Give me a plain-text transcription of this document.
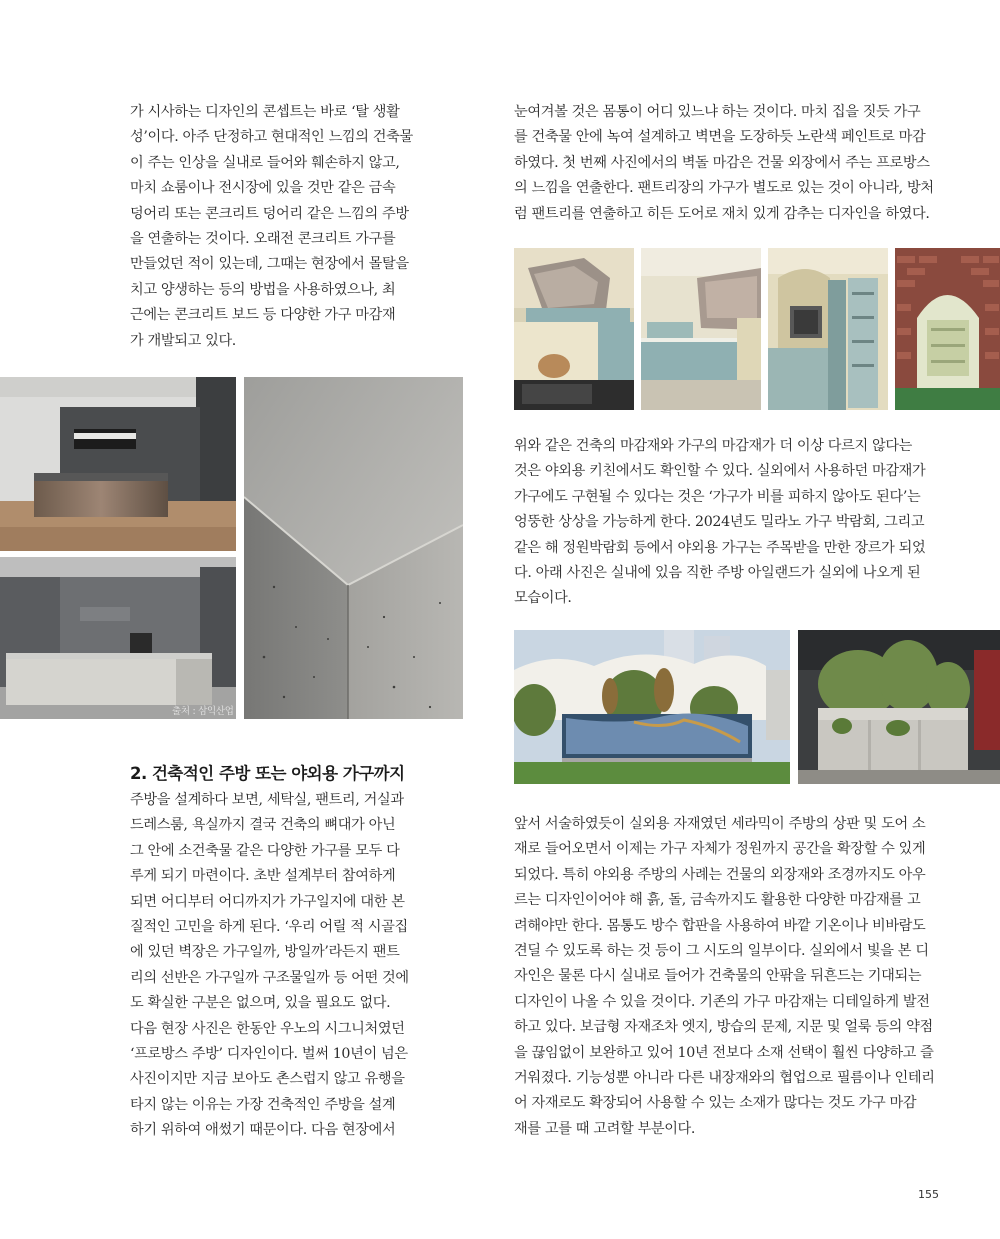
가 시사하는 디자인의 콘셉트는 바로 ‘탈 생활
성’이다. 아주 단정하고 현대적인 느낌의 건축물
이 주는 인상을 실내로 들어와 훼손하지 않고,
마치 쇼룸이나 전시장에 있을 것만 같은 금속
덩어리 또는 콘크리트 덩어리 같은 느낌의 주방
을 연출하는 것이다. 오래전 콘크리트 가구를
만들었던 적이 있는데, 그때는 현장에서 몰탈을
치고 양생하는 등의 방법을 사용하였으나, 최
근에는 콘크리트 보드 등 다양한 가구 마감재
가 개발되고 있다.

눈여겨볼 것은 몸통이 어디 있느냐 하는 것이다. 마치 집을 짓듯 가구
를 건축물 안에 녹여 설계하고 벽면을 도장하듯 노란색 페인트로 마감
하였다. 첫 번째 사진에서의 벽돌 마감은 건물 외장에서 주는 프로방스
의 느낌을 연출한다. 팬트리장의 가구가 별도로 있는 것이 아니라, 방처
럼 팬트리를 연출하고 히든 도어로 재치 있게 감추는 디자인을 하였다.

위와 같은 건축의 마감재와 가구의 마감재가 더 이상 다르지 않다는
것은 야외용 키친에서도 확인할 수 있다. 실외에서 사용하던 마감재가
가구에도 구현될 수 있다는 것은 ‘가구가 비를 피하지 않아도 된다’는
엉뚱한 상상을 가능하게 한다. 2024년도 밀라노 가구 박람회, 그리고
같은 해 정원박람회 등에서 야외용 가구는 주목받을 만한 장르가 되었
다. 아래 사진은 실내에 있음 직한 주방 아일랜드가 실외에 나오게 된
모습이다.

출처 : 삼익산업

앞서 서술하였듯이 실외용 자재였던 세라믹이 주방의 상판 및 도어 소
재로 들어오면서 이제는 가구 자체가 정원까지 공간을 확장할 수 있게
되었다. 특히 야외용 주방의 사례는 건물의 외장재와 조경까지도 아우
르는 디자인이어야 해 흙, 돌, 금속까지도 활용한 다양한 마감재를 고
려해야만 한다. 몸통도 방수 합판을 사용하여 바깥 기온이나 비바람도
견딜 수 있도록 하는 것 등이 그 시도의 일부이다. 실외에서 빛을 본 디
자인은 물론 다시 실내로 들어가 건축물의 안팎을 뒤흔드는 기대되는
디자인이 나올 수 있을 것이다. 기존의 가구 마감재는 디테일하게 발전
하고 있다. 보급형 자재조차 엣지, 방습의 문제, 지문 및 얼룩 등의 약점
을 끊임없이 보완하고 있어 10년 전보다 소재 선택이 훨씬 다양하고 즐
거워졌다. 기능성뿐 아니라 다른 내장재와의 협업으로 필름이나 인테리
어 자재로도 확장되어 사용할 수 있는 소재가 많다는 것도 가구 마감
재를 고를 때 고려할 부분이다.

2. 건축적인 주방 또는 야외용 가구까지

주방을 설계하다 보면, 세탁실, 팬트리, 거실과
드레스룸, 욕실까지 결국 건축의 뼈대가 아닌
그 안에 소건축물 같은 다양한 가구를 모두 다
루게 되기 마련이다. 초반 설계부터 참여하게
되면 어디부터 어디까지가 가구일지에 대한 본
질적인 고민을 하게 된다. ‘우리 어릴 적 시골집
에 있던 벽장은 가구일까, 방일까’라든지 팬트
리의 선반은 가구일까 구조물일까 등 어떤 것에
도 확실한 구분은 없으며, 있을 필요도 없다.
다음 현장 사진은 한동안 우노의 시그니처였던
‘프로방스 주방’ 디자인이다. 벌써 10년이 넘은
사진이지만 지금 보아도 촌스럽지 않고 유행을
타지 않는 이유는 가장 건축적인 주방을 설계
하기 위하여 애썼기 때문이다. 다음 현장에서

155
